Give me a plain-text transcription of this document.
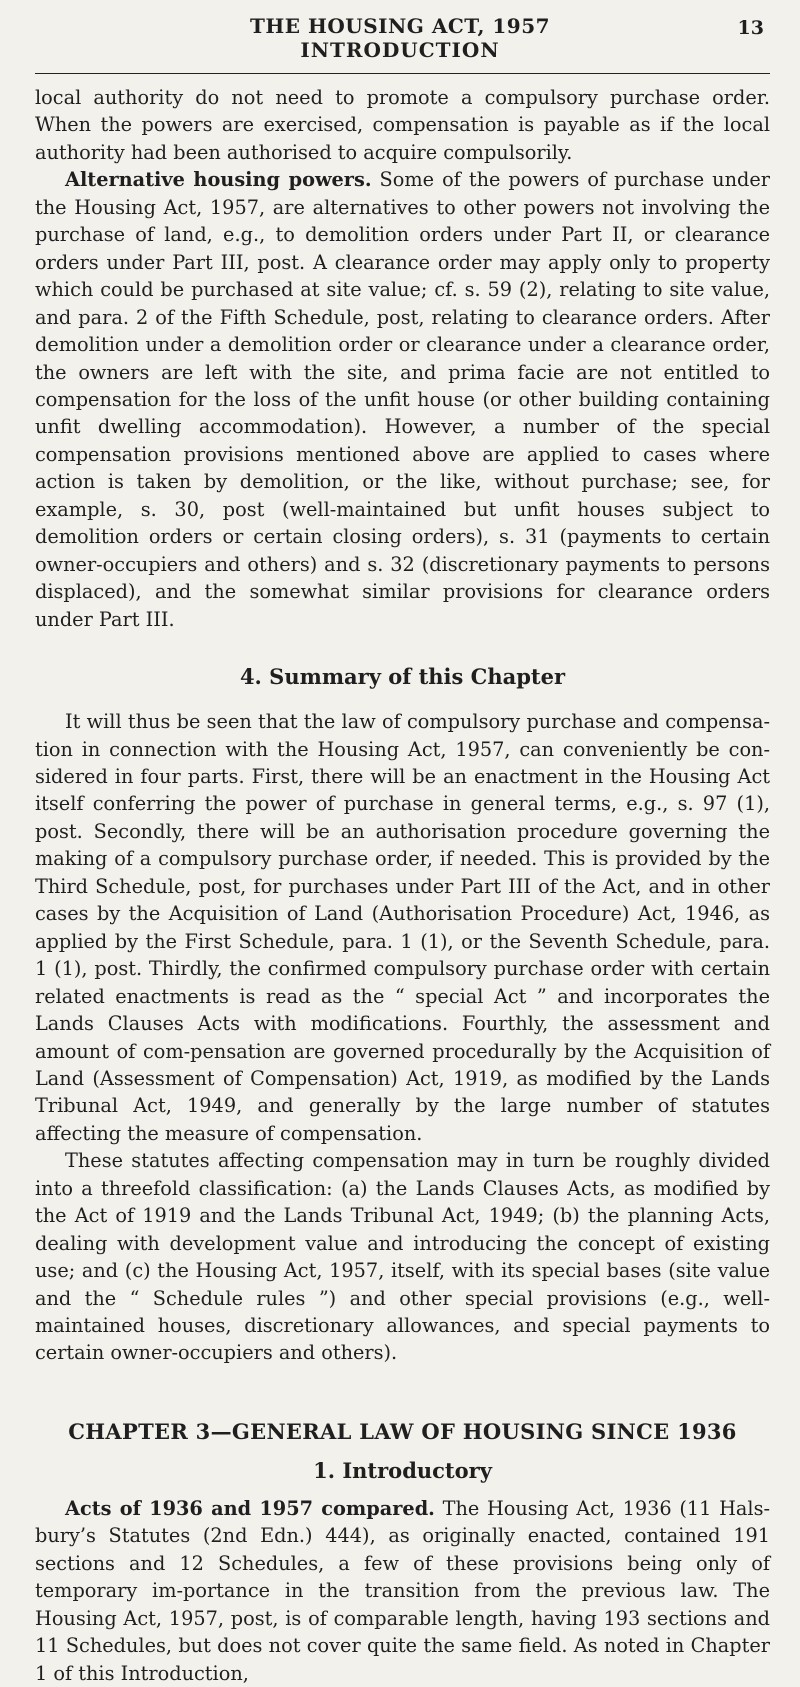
THE HOUSING ACT, 1957	13
INTRODUCTION

local authority do not need to promote a compulsory purchase order. When the powers are exercised, compensation is payable as if the local authority had been authorised to acquire compulsorily.

Alternative housing powers. Some of the powers of purchase under the Housing Act, 1957, are alternatives to other powers not involving the purchase of land, e.g., to demolition orders under Part II, or clearance orders under Part III, post. A clearance order may apply only to property which could be purchased at site value; cf. s. 59 (2), relating to site value, and para. 2 of the Fifth Schedule, post, relating to clearance orders. After demolition under a demolition order or clearance under a clearance order, the owners are left with the site, and prima facie are not entitled to compensation for the loss of the unfit house (or other building containing unfit dwelling accommodation). However, a number of the special compensation provisions mentioned above are applied to cases where action is taken by demolition, or the like, without purchase; see, for example, s. 30, post (well-maintained but unfit houses subject to demolition orders or certain closing orders), s. 31 (payments to certain owner-occupiers and others) and s. 32 (discretionary payments to persons displaced), and the somewhat similar provisions for clearance orders under Part III.

4. Summary of this Chapter

It will thus be seen that the law of compulsory purchase and compensa-tion in connection with the Housing Act, 1957, can conveniently be con-sidered in four parts. First, there will be an enactment in the Housing Act itself conferring the power of purchase in general terms, e.g., s. 97 (1), post. Secondly, there will be an authorisation procedure governing the making of a compulsory purchase order, if needed. This is provided by the Third Schedule, post, for purchases under Part III of the Act, and in other cases by the Acquisition of Land (Authorisation Procedure) Act, 1946, as applied by the First Schedule, para. 1 (1), or the Seventh Schedule, para. 1 (1), post. Thirdly, the confirmed compulsory purchase order with certain related enactments is read as the “ special Act ” and incorporates the Lands Clauses Acts with modifications. Fourthly, the assessment and amount of com-pensation are governed procedurally by the Acquisition of Land (Assessment of Compensation) Act, 1919, as modified by the Lands Tribunal Act, 1949, and generally by the large number of statutes affecting the measure of compensation.

These statutes affecting compensation may in turn be roughly divided into a threefold classification: (a) the Lands Clauses Acts, as modified by the Act of 1919 and the Lands Tribunal Act, 1949; (b) the planning Acts, dealing with development value and introducing the concept of existing use; and (c) the Housing Act, 1957, itself, with its special bases (site value and the “ Schedule rules ”) and other special provisions (e.g., well-maintained houses, discretionary allowances, and special payments to certain owner-occupiers and others).

CHAPTER 3—GENERAL LAW OF HOUSING SINCE 1936
1. Introductory

Acts of 1936 and 1957 compared. The Housing Act, 1936 (11 Hals-bury’s Statutes (2nd Edn.) 444), as originally enacted, contained 191 sections and 12 Schedules, a few of these provisions being only of temporary im-portance in the transition from the previous law. The Housing Act, 1957, post, is of comparable length, having 193 sections and 11 Schedules, but does not cover quite the same field. As noted in Chapter 1 of this Introduction,
